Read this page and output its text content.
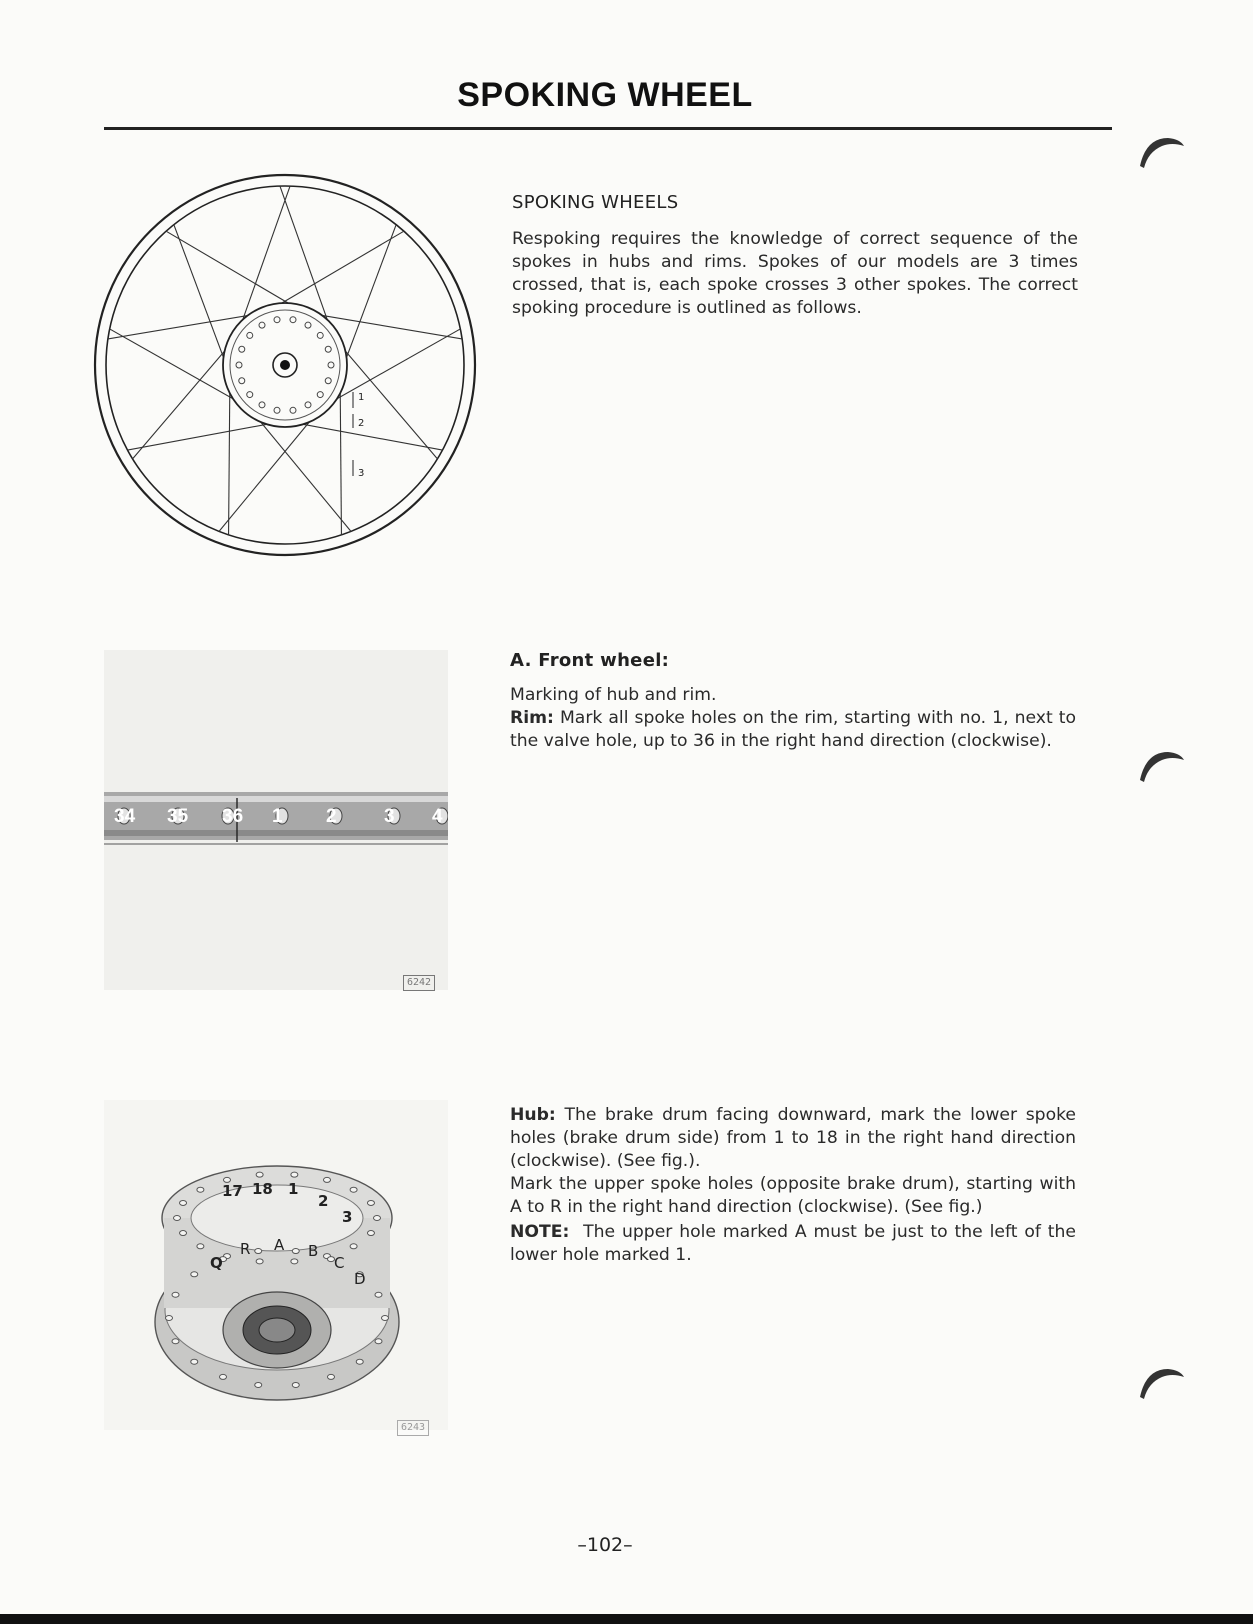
SPOKING WHEEL
1
2
3
SPOKING WHEELS
Respoking requires the knowledge of correct sequence of the spokes in hubs and rims. Spokes of our models are 3 times crossed, that is, each spoke crosses 3 other spokes. The correct spoking procedure is outlined as follows.
34 35 36 1 2 3 4
6242
A. Front wheel:

Marking of hub and rim.

Rim: Mark all spoke holes on the rim, starting with no. 1, next to the valve hole, up to 36 in the right hand direction (clockwise).

17 18 1
2
3
Q
R A B
C
D
6243

Hub: The brake drum facing downward, mark the lower spoke holes (brake drum side) from 1 to 18 in the right hand direction (clockwise). (See fig.).

Mark the upper spoke holes (opposite brake drum), starting with A to R in the right hand direction (clockwise). (See fig.)

NOTE: The upper hole marked A must be just to the left of the lower hole marked 1.

–102–
